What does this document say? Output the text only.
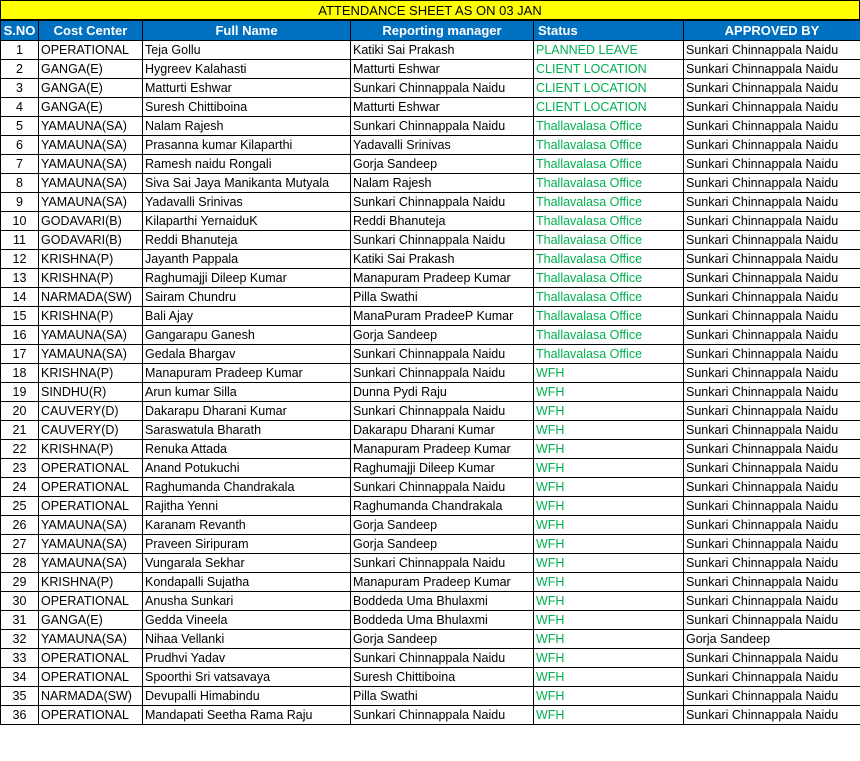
ATTENDANCE SHEET AS ON 03 JAN
S.NO	Cost Center	Full Name	Reporting manager	Status	APPROVED BY
1	OPERATIONAL	Teja Gollu	Katiki Sai Prakash	PLANNED LEAVE	Sunkari Chinnappala Naidu
2	GANGA(E)	Hygreev Kalahasti	Matturti Eshwar	CLIENT LOCATION	Sunkari Chinnappala Naidu
3	GANGA(E)	Matturti Eshwar	Sunkari Chinnappala Naidu	CLIENT LOCATION	Sunkari Chinnappala Naidu
4	GANGA(E)	Suresh Chittiboina	Matturti Eshwar	CLIENT LOCATION	Sunkari Chinnappala Naidu
5	YAMAUNA(SA)	Nalam Rajesh	Sunkari Chinnappala Naidu	Thallavalasa Office	Sunkari Chinnappala Naidu
6	YAMAUNA(SA)	Prasanna kumar Kilaparthi	Yadavalli Srinivas	Thallavalasa Office	Sunkari Chinnappala Naidu
7	YAMAUNA(SA)	Ramesh naidu Rongali	Gorja Sandeep	Thallavalasa Office	Sunkari Chinnappala Naidu
8	YAMAUNA(SA)	Siva Sai Jaya Manikanta Mutyala	Nalam Rajesh	Thallavalasa Office	Sunkari Chinnappala Naidu
9	YAMAUNA(SA)	Yadavalli Srinivas	Sunkari Chinnappala Naidu	Thallavalasa Office	Sunkari Chinnappala Naidu
10	GODAVARI(B)	Kilaparthi YernaiduK	Reddi Bhanuteja	Thallavalasa Office	Sunkari Chinnappala Naidu
11	GODAVARI(B)	Reddi Bhanuteja	Sunkari Chinnappala Naidu	Thallavalasa Office	Sunkari Chinnappala Naidu
12	KRISHNA(P)	Jayanth Pappala	Katiki Sai Prakash	Thallavalasa Office	Sunkari Chinnappala Naidu
13	KRISHNA(P)	Raghumajji Dileep Kumar	Manapuram Pradeep Kumar	Thallavalasa Office	Sunkari Chinnappala Naidu
14	NARMADA(SW)	Sairam Chundru	Pilla Swathi	Thallavalasa Office	Sunkari Chinnappala Naidu
15	KRISHNA(P)	Bali Ajay	ManaPuram PradeeP Kumar	Thallavalasa Office	Sunkari Chinnappala Naidu
16	YAMAUNA(SA)	Gangarapu Ganesh	Gorja Sandeep	Thallavalasa Office	Sunkari Chinnappala Naidu
17	YAMAUNA(SA)	Gedala Bhargav	Sunkari Chinnappala Naidu	Thallavalasa Office	Sunkari Chinnappala Naidu
18	KRISHNA(P)	Manapuram Pradeep Kumar	Sunkari Chinnappala Naidu	WFH	Sunkari Chinnappala Naidu
19	SINDHU(R)	Arun kumar Silla	Dunna Pydi Raju	WFH	Sunkari Chinnappala Naidu
20	CAUVERY(D)	Dakarapu Dharani Kumar	Sunkari Chinnappala Naidu	WFH	Sunkari Chinnappala Naidu
21	CAUVERY(D)	Saraswatula Bharath	Dakarapu Dharani Kumar	WFH	Sunkari Chinnappala Naidu
22	KRISHNA(P)	Renuka Attada	Manapuram Pradeep Kumar	WFH	Sunkari Chinnappala Naidu
23	OPERATIONAL	Anand Potukuchi	Raghumajji Dileep Kumar	WFH	Sunkari Chinnappala Naidu
24	OPERATIONAL	Raghumanda Chandrakala	Sunkari Chinnappala Naidu	WFH	Sunkari Chinnappala Naidu
25	OPERATIONAL	Rajitha Yenni	Raghumanda Chandrakala	WFH	Sunkari Chinnappala Naidu
26	YAMAUNA(SA)	Karanam Revanth	Gorja Sandeep	WFH	Sunkari Chinnappala Naidu
27	YAMAUNA(SA)	Praveen Siripuram	Gorja Sandeep	WFH	Sunkari Chinnappala Naidu
28	YAMAUNA(SA)	Vungarala Sekhar	Sunkari Chinnappala Naidu	WFH	Sunkari Chinnappala Naidu
29	KRISHNA(P)	Kondapalli Sujatha	Manapuram Pradeep Kumar	WFH	Sunkari Chinnappala Naidu
30	OPERATIONAL	Anusha Sunkari	Boddeda Uma Bhulaxmi	WFH	Sunkari Chinnappala Naidu
31	GANGA(E)	Gedda Vineela	Boddeda Uma Bhulaxmi	WFH	Sunkari Chinnappala Naidu
32	YAMAUNA(SA)	Nihaa Vellanki	Gorja Sandeep	WFH	Gorja Sandeep
33	OPERATIONAL	Prudhvi Yadav	Sunkari Chinnappala Naidu	WFH	Sunkari Chinnappala Naidu
34	OPERATIONAL	Spoorthi Sri vatsavaya	Suresh Chittiboina	WFH	Sunkari Chinnappala Naidu
35	NARMADA(SW)	Devupalli Himabindu	Pilla Swathi	WFH	Sunkari Chinnappala Naidu
36	OPERATIONAL	Mandapati Seetha Rama Raju	Sunkari Chinnappala Naidu	WFH	Sunkari Chinnappala Naidu
